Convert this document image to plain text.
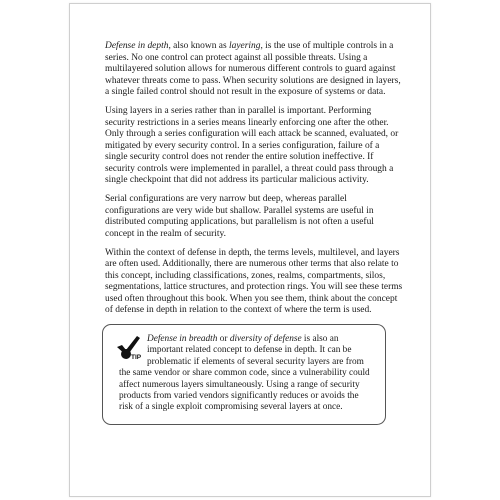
Defense in depth, also known as layering, is the use of multiple controls in a series. No one control can protect against all possible threats. Using a multilayered solution allows for numerous different controls to guard against whatever threats come to pass. When security solutions are designed in layers, a single failed control should not result in the exposure of systems or data.

Using layers in a series rather than in parallel is important. Performing security restrictions in a series means linearly enforcing one after the other. Only through a series configuration will each attack be scanned, evaluated, or mitigated by every security control. In a series configuration, failure of a single security control does not render the entire solution ineffective. If security controls were implemented in parallel, a threat could pass through a single checkpoint that did not address its particular malicious activity.

Serial configurations are very narrow but deep, whereas parallel configurations are very wide but shallow. Parallel systems are useful in distributed computing applications, but parallelism is not often a useful concept in the realm of security.

Within the context of defense in depth, the terms levels, multilevel, and layers are often used. Additionally, there are numerous other terms that also relate to this concept, including classifications, zones, realms, compartments, silos, segmentations, lattice structures, and protection rings. You will see these terms used often throughout this book. When you see them, think about the concept of defense in depth in relation to the context of where the term is used.

TIP
Defense in breadth or diversity of defense is also an important related concept to defense in depth. It can be problematic if elements of several security layers are from the same vendor or share common code, since a vulnerability could affect numerous layers simultaneously. Using a range of security products from varied vendors significantly reduces or avoids the risk of a single exploit compromising several layers at once.
